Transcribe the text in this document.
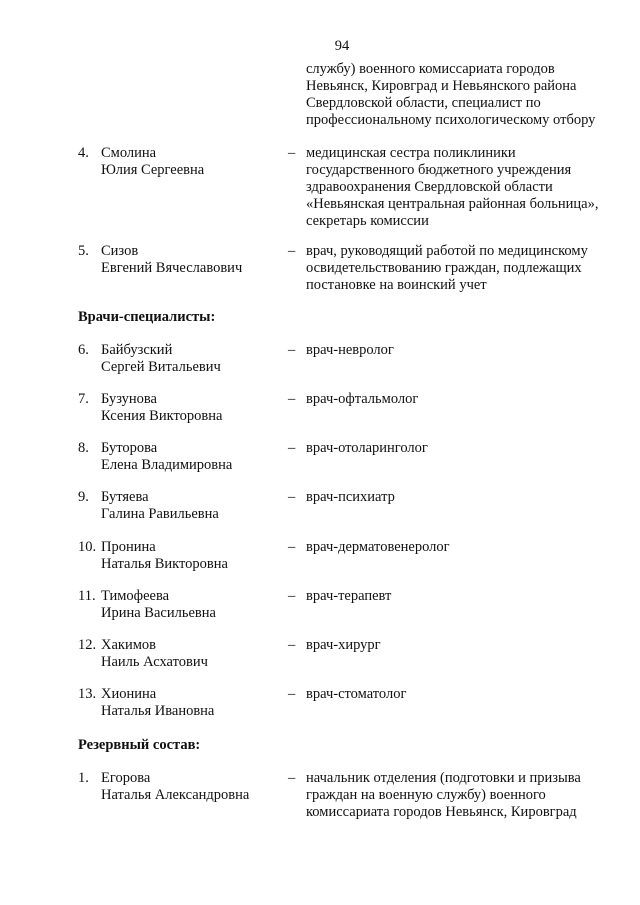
94
службу) военного комиссариата городов
Невьянск, Кировград и Невьянского района
Свердловской области, специалист по
профессиональному психологическому отбору
4. Смолина
Юлия Сергеевна
– медицинская сестра поликлиники
государственного бюджетного учреждения
здравоохранения Свердловской области
«Невьянская центральная районная больница»,
секретарь комиссии
5. Сизов
Евгений Вячеславович
– врач, руководящий работой по медицинскому
освидетельствованию граждан, подлежащих
постановке на воинский учет
Врачи-специалисты:
6. Байбузский
Сергей Витальевич
– врач-невролог
7. Бузунова
Ксения Викторовна
– врач-офтальмолог
8. Буторова
Елена Владимировна
– врач-отоларинголог
9. Бутяева
Галина Равильевна
– врач-психиатр
10. Пронина
Наталья Викторовна
– врач-дерматовенеролог
11. Тимофеева
Ирина Васильевна
– врач-терапевт
12. Хакимов
Наиль Асхатович
– врач-хирург
13. Хионина
Наталья Ивановна
– врач-стоматолог
Резервный состав:
1. Егорова
Наталья Александровна
– начальник отделения (подготовки и призыва
граждан на военную службу) военного
комиссариата городов Невьянск, Кировград
